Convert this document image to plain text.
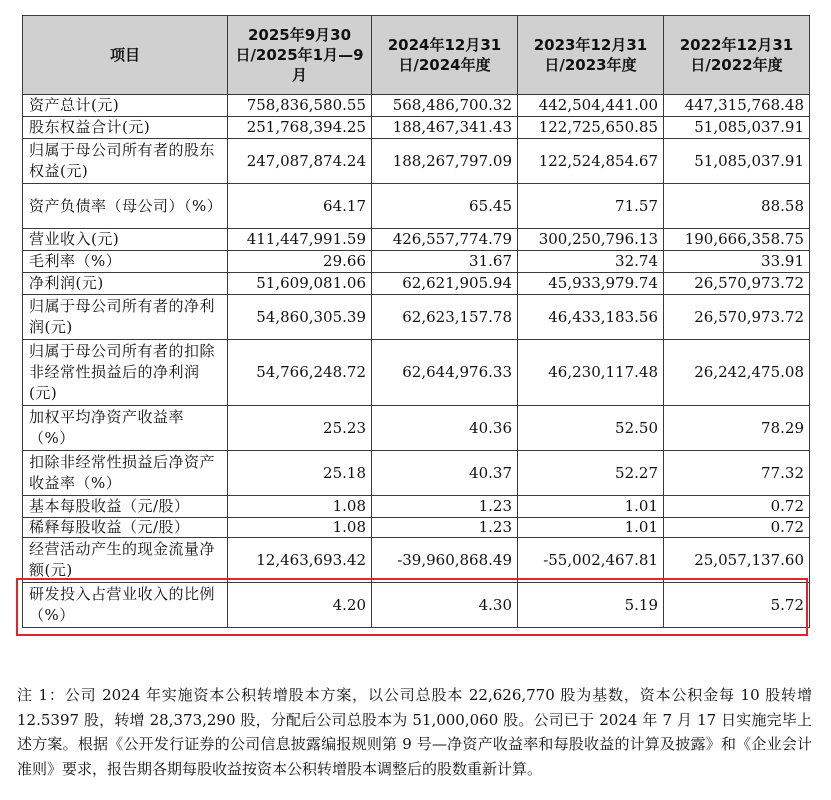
项目	2025年9月30日/2025年1月—9月	2024年12月31日/2024年度	2023年12月31日/2023年度	2022年12月31日/2022年度
资产总计(元)	758,836,580.55	568,486,700.32	442,504,441.00	447,315,768.48
股东权益合计(元)	251,768,394.25	188,467,341.43	122,725,650.85	51,085,037.91
归属于母公司所有者的股东权益(元)	247,087,874.24	188,267,797.09	122,524,854.67	51,085,037.91
资产负债率（母公司）（%）	64.17	65.45	71.57	88.58
营业收入(元)	411,447,991.59	426,557,774.79	300,250,796.13	190,666,358.75
毛利率（%）	29.66	31.67	32.74	33.91
净利润(元)	51,609,081.06	62,621,905.94	45,933,979.74	26,570,973.72
归属于母公司所有者的净利润(元)	54,860,305.39	62,623,157.78	46,433,183.56	26,570,973.72
归属于母公司所有者的扣除非经常性损益后的净利润(元)	54,766,248.72	62,644,976.33	46,230,117.48	26,242,475.08
加权平均净资产收益率（%）	25.23	40.36	52.50	78.29
扣除非经常性损益后净资产收益率（%）	25.18	40.37	52.27	77.32
基本每股收益（元/股）	1.08	1.23	1.01	0.72

稀释每股收益（元/股）	1.08	1.23	1.01	0.72

经营活动产生的现金流量净额(元)	12,463,693.42	-39,960,868.49	-55,002,467.81	25,057,137.60
研发投入占营业收入的比例（%）	4.20	4.30	5.19	5.72
注 1：公司 2024 年实施资本公积转增股本方案，以公司总股本 22,626,770 股为基数，资本公积金每 10 股转增 12.5397 股，转增 28,373,290 股，分配后公司总股本为 51,000,060 股。公司已于 2024 年 7 月 17 日实施完毕上述方案。根据《公开发行证券的公司信息披露编报规则第 9 号—净资产收益率和每股收益的计算及披露》和《企业会计准则》要求，报告期各期每股收益按资本公积转增股本调整后的股数重新计算。
